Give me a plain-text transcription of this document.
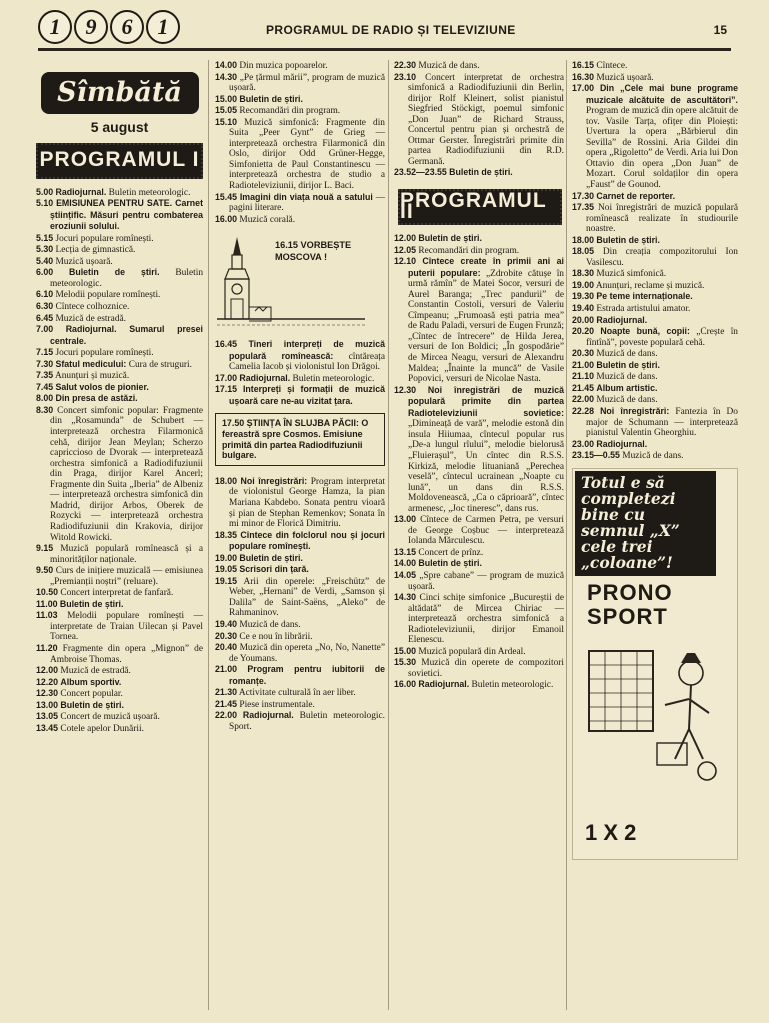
1	9	6	1	PROGRAMUL DE RADIO ȘI TELEVIZIUNE	15
Sîmbătă
5 august
PROGRAMUL I

5.00 Radiojurnal. Buletin meteorologic.

5.10 EMISIUNEA PENTRU SATE. Carnet științific. Măsuri pentru combaterea eroziunii solului.

5.15 Jocuri populare romînești.

5.30 Lecția de gimnastică.

5.40 Muzică ușoară.

6.00 Buletin de știri. Buletin meteorologic.

6.10 Melodii populare romînești.

6.30 Cîntece colhoznice.

6.45 Muzică de estradă.

7.00 Radiojurnal. Sumarul presei centrale.

7.15 Jocuri populare romînești.

7.30 Sfatul medicului: Cura de struguri.

7.35 Anunțuri și muzică.

7.45 Salut volos de pionier.

8.00 Din presa de astăzi.

8.30 Concert simfonic popular: Fragmente din „Rosamunda” de Schubert — interpretează orchestra Filarmonică cehă, dirijor Jean Meylan; Scherzo capriccioso de Dvorak — interpretează orchestra simfonică a Radiodifuziunii din Praga, dirijor Karel Ancerl; Fragmente din Suita „Iberia” de Albeniz — interpretează orchestra simfonică din Madrid, dirijor Arbos, Oberek de Rozycki — interpretează orchestra Radiodifuziunii din Krakovia, dirijor Witold Rowicki.

9.15 Muzică populară romînească și a minorităților naționale.

9.50 Curs de inițiere muzicală — emisiunea „Premianții noștri” (reluare).

10.50 Concert interpretat de fanfară.

11.00 Buletin de știri.

11.03 Melodii populare romînești — interpretate de Traian Uilecan și Pavel Tornea.

11.20 Fragmente din opera „Mignon” de Ambroise Thomas.

12.00 Muzică de estradă.

12.20 Album sportiv.

12.30 Concert popular.

13.00 Buletin de știri.

13.05 Concert de muzică ușoară.

13.45 Cotele apelor Dunării.

14.00 Din muzica popoarelor.

14.30 „Pe țărmul mării”, program de muzică ușoară.

15.00 Buletin de știri.

15.05 Recomandări din program.

15.10 Muzică simfonică: Fragmente din Suita „Peer Gynt” de Grieg — interpretează orchestra Filarmonică din Oslo, dirijor Odd Grüner-Hegge, Simfonietta de Paul Constantinescu — interpretează orchestra de studio a Radioteleviziunii, dirijor L. Baci.

15.45 Imagini din viața nouă a satului — pagini literare.

16.00 Muzică corală.

16.15 VORBEȘTE MOSCOVA !

16.45 Tineri interpreți de muzică populară romînească: cîntăreața Camelia Iacob și violonistul Ion Drăgoi.

17.00 Radiojurnal. Buletin meteorologic.

17.15 Interpreți și formații de muzică ușoară care ne-au vizitat țara.

17.50 ȘTIINȚA ÎN SLUJBA PĂCII: O fereastră spre Cosmos. Emisiune primită din partea Radiodifuziunii bulgare.

18.00 Noi înregistrări: Program interpretat de violonistul George Hamza, la pian Mariana Kabdebo. Sonata pentru vioară și pian de Stephan Remenkov; Sonata în mi minor de Florică Dimitriu.

18.35 Cîntece din folclorul nou și jocuri populare romînești.

19.00 Buletin de știri.

19.05 Scrisori din țară.

19.15 Arii din operele: „Freischütz” de Weber, „Hernani” de Verdi, „Samson și Dalila” de Saint-Saëns, „Aleko” de Rahmaninov.

19.40 Muzică de dans.

20.30 Ce e nou în librării.

20.40 Muzică din opereta „No, No, Nanette” de Youmans.

21.00 Program pentru iubitorii de romanțe.

21.30 Activitate culturală în aer liber.

21.45 Piese instrumentale.

22.00 Radiojurnal. Buletin meteorologic. Sport.

22.30 Muzică de dans.

23.10 Concert interpretat de orchestra simfonică a Radiodifuziunii din Berlin, dirijor Rolf Kleinert, solist pianistul Siegfried Stöckigt, poemul simfonic „Don Juan” de Richard Strauss, Concertul pentru pian și orchestră de Ottmar Gerster. Înregistrări primite din partea Radiodifuziunii din R.D. Germană.

23.52—23.55 Buletin de știri.

PROGRAMUL II

12.00 Buletin de știri.

12.05 Recomandări din program.

12.10 Cîntece create în primii ani ai puterii populare: „Zdrobite cătușe în urmă rămîn” de Matei Socor, versuri de Aurel Baranga; „Trec pandurii” de Constantin Costoli, versuri de Valeriu Cîmpeanu; „Frumoasă ești patria mea” de Radu Paladi, versuri de Eugen Frunză; „Cîntec de întrecere” de Hilda Jerea, versuri de Ion Boldici; „În gospodărie” de Mircea Neagu, versuri de Alexandru Maldea; „Înainte la muncă” de Vasile Popovici, versuri de Nicolae Nasta.

12.30 Noi înregistrări de muzică populară primite din partea Radioteleviziunii sovietice: „Dimineață de vară”, melodie estonă din insula Hiiumaa, cîntecul popular rus „De-a lungul rîului”, melodie bielorusă „Fluierașul”, Un cîntec din R.S.S. Kirkiză, melodie lituaniană „Perechea veselă”, cîntecul ucrainean „Noapte cu lună”, un dans din R.S.S. Moldovenească, „Ca o căprioară”, cîntec armenesc, „Joc tineresc”, dans rus.

13.00 Cîntece de Carmen Petra, pe versuri de George Coșbuc — interpretează Iolanda Mărculescu.

13.15 Concert de prînz.

14.00 Buletin de știri.

14.05 „Spre cabane” — program de muzică ușoară.

14.30 Cinci schițe simfonice „Bucureștii de altădată” de Mircea Chiriac — interpretează orchestra simfonică a Radioteleviziunii, dirijor Emanoil Elenescu.

15.00 Muzică populară din Ardeal.

15.30 Muzică din operete de compozitori sovietici.

16.00 Radiojurnal. Buletin meteorologic.

16.15 Cîntece.

16.30 Muzică ușoară.

17.00 Din „Cele mai bune programe muzicale alcătuite de ascultători”. Program de muzică din opere alcătuit de tov. Vasile Tarța, ofițer din Ploiești: Uvertura la opera „Bărbierul din Sevilla” de Rossini. Aria Gildei din opera „Rigoletto” de Verdi. Aria lui Don Ottavio din opera „Don Juan” de Mozart. Corul soldaților din opera „Faust” de Gounod.

17.30 Carnet de reporter.

17.35 Noi înregistrări de muzică populară romînească realizate în studiourile noastre.

18.00 Buletin de știri.

18.05 Din creația compozitorului Ion Vasilescu.

18.30 Muzică simfonică.

19.00 Anunțuri, reclame și muzică.

19.30 Pe teme internaționale.

19.40 Estrada artistului amator.

20.00 Radiojurnal.

20.20 Noapte bună, copii: „Crește în fîntînă”, poveste populară cehă.

20.30 Muzică de dans.

21.00 Buletin de știri.

21.10 Muzică de dans.

21.45 Album artistic.

22.00 Muzică de dans.

22.28 Noi înregistrări: Fantezia în Do major de Schumann — interpretează pianistul Valentin Gheorghiu.

23.00 Radiojurnal.

23.15—0.55 Muzică de dans.

Totul e să completezi bine cu semnul „X” cele trei „coloane”!
PRONO
SPORT
1 X 2
